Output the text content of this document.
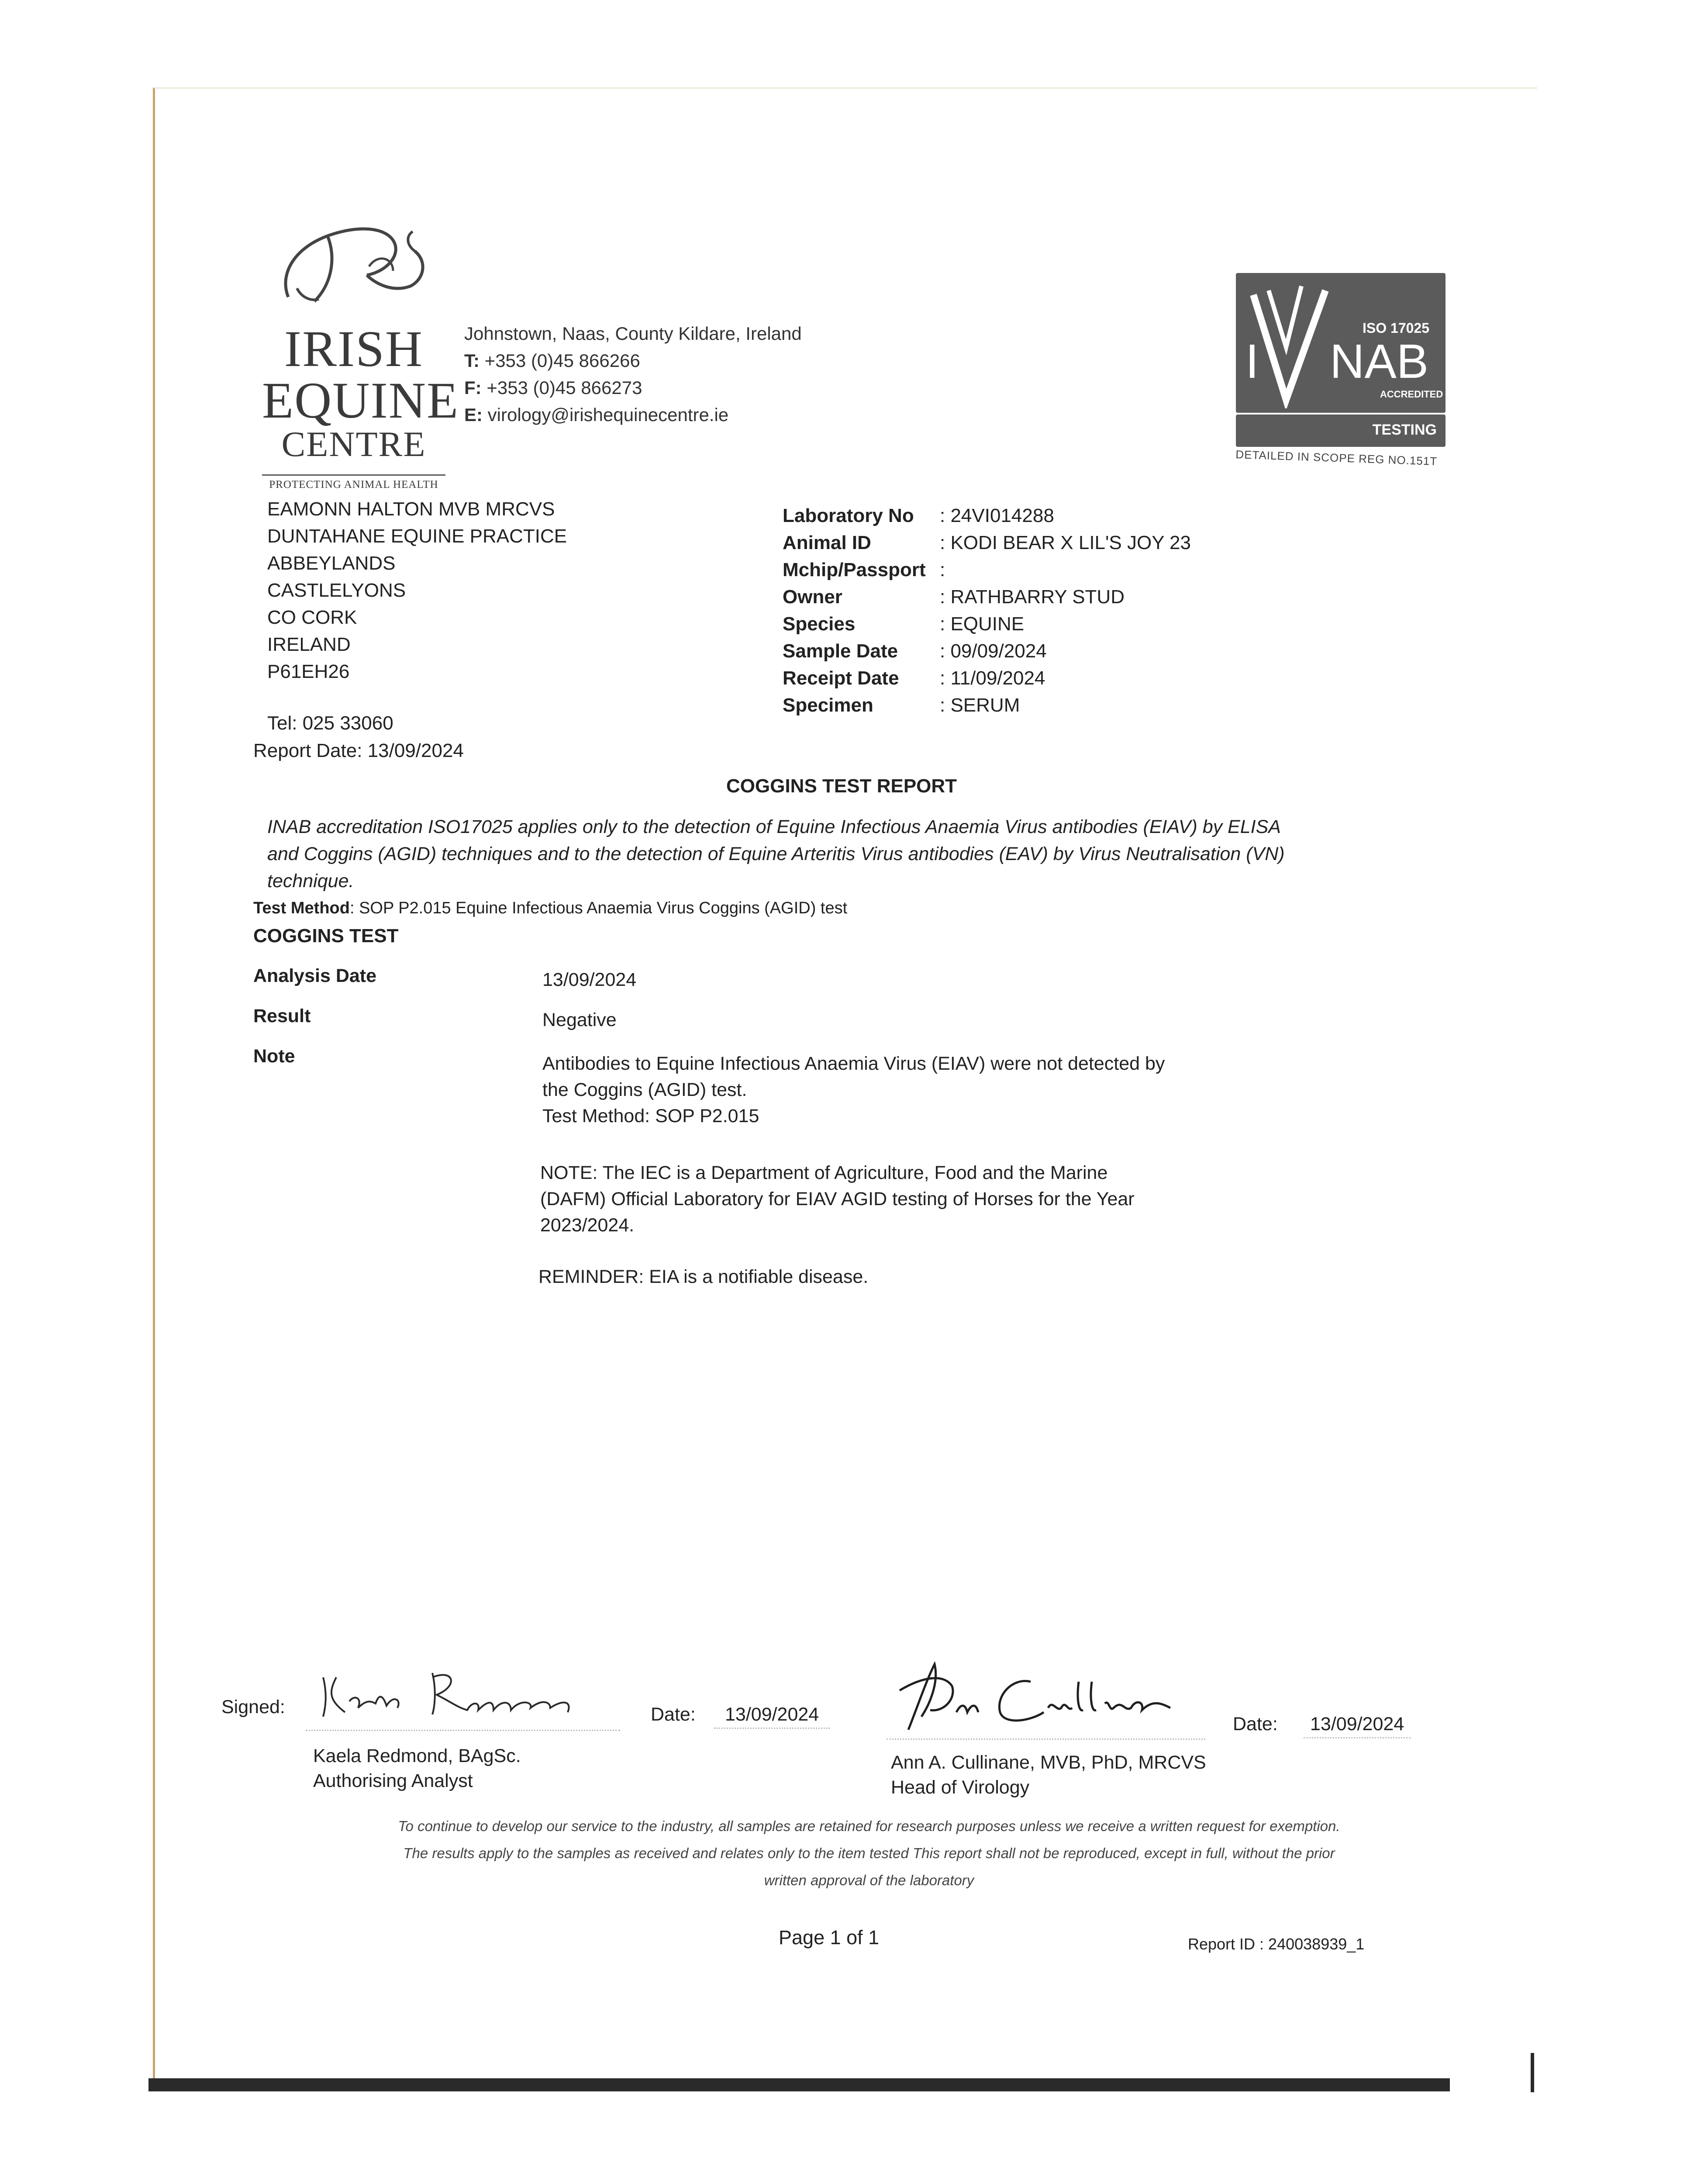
IRISH
EQUINE
CENTRE
PROTECTING ANIMAL HEALTH
Johnstown, Naas, County Kildare, Ireland
T: +353 (0)45 866266
F: +353 (0)45 866273
E: virology@irishequinecentre.ie
ISO 17025
I NAB
ACCREDITED
TESTING
DETAILED IN SCOPE REG NO.151T
EAMONN HALTON MVB MRCVS
DUNTAHANE EQUINE PRACTICE
ABBEYLANDS
CASTLELYONS
CO CORK
IRELAND
P61EH26
Tel: 025 33060
Report Date: 13/09/2024
Laboratory No	: 24VI014288
Animal ID	: KODI BEAR X LIL'S JOY 23
Mchip/Passport :
Owner	: RATHBARRY STUD
Species	: EQUINE
Sample Date	: 09/09/2024
Receipt Date	: 11/09/2024
Specimen	: SERUM
COGGINS TEST REPORT
INAB accreditation ISO17025 applies only to the detection of Equine Infectious Anaemia Virus antibodies (EIAV) by ELISA
and Coggins (AGID) techniques and to the detection of Equine Arteritis Virus antibodies (EAV) by Virus Neutralisation (VN)
technique.
Test Method: SOP P2.015 Equine Infectious Anaemia Virus Coggins (AGID) test
COGGINS TEST
Analysis Date	13/09/2024
Result	Negative
Note	Antibodies to Equine Infectious Anaemia Virus (EIAV) were not detected by
the Coggins (AGID) test.
Test Method: SOP P2.015
NOTE: The IEC is a Department of Agriculture, Food and the Marine
(DAFM) Official Laboratory for EIAV AGID testing of Horses for the Year
2023/2024.
REMINDER: EIA is a notifiable disease.
Signed:	Date:	13/09/2024
Kaela Redmond, BAgSc.
Authorising Analyst
Date:	13/09/2024
Ann A. Cullinane, MVB, PhD, MRCVS
Head of Virology
To continue to develop our service to the industry, all samples are retained for research purposes unless we receive a written request for exemption.
The results apply to the samples as received and relates only to the item tested This report shall not be reproduced, except in full, without the prior
written approval of the laboratory
Page 1 of 1	Report ID : 240038939_1
